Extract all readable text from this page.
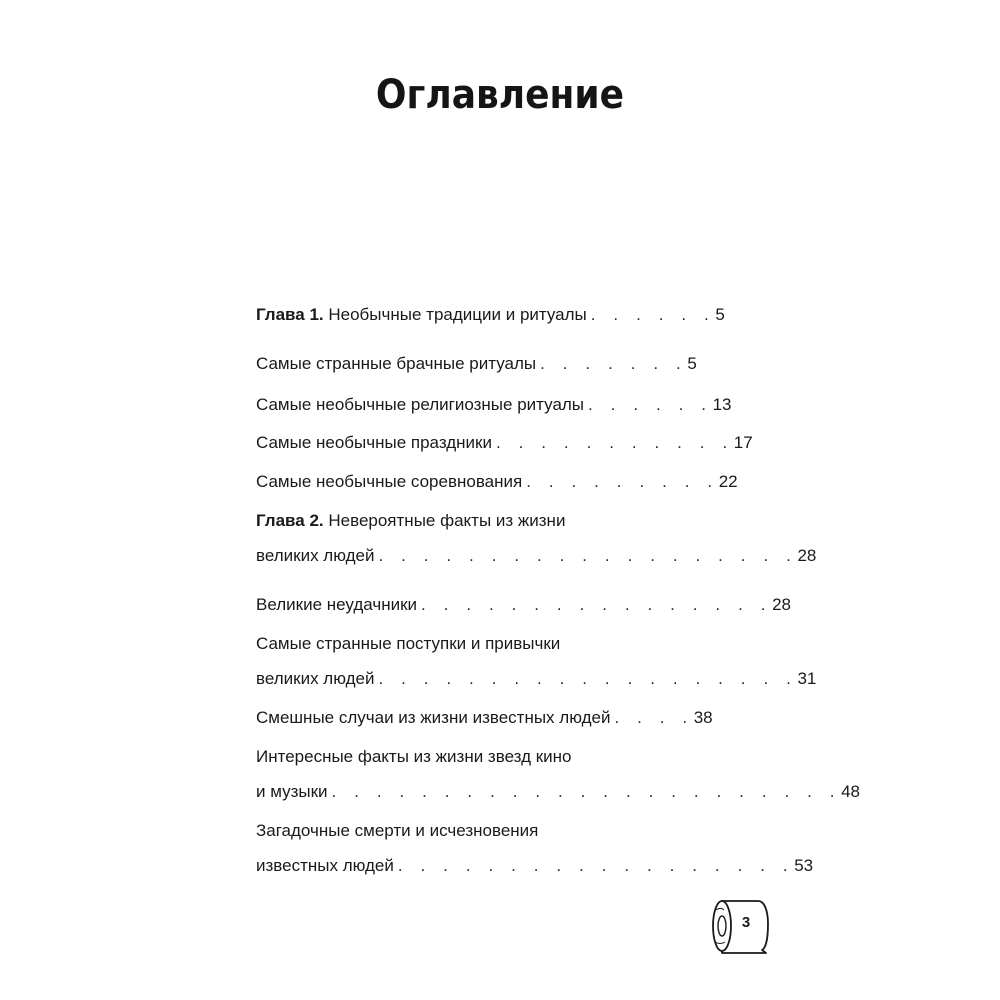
Оглавление
Глава 1. Необычные традиции и ритуалы . . . . . . 5
Самые странные брачные ритуалы . . . . . . . 5
Самые необычные религиозные ритуалы . . . . . . 13
Самые необычные праздники . . . . . . . . . . . 17
Самые необычные соревнования . . . . . . . . . 22
Глава 2. Невероятные факты из жизни
великих людей . . . . . . . . . . . . . . . . . . . 28
Великие неудачники . . . . . . . . . . . . . . . . 28
Самые странные поступки и привычки
великих людей . . . . . . . . . . . . . . . . . . . 31
Смешные случаи из жизни известных людей . . . . 38
Интересные факты из жизни звезд кино
и музыки . . . . . . . . . . . . . . . . . . . . . . . 48
Загадочные смерти и исчезновения
известных людей . . . . . . . . . . . . . . . . . . 53
3
